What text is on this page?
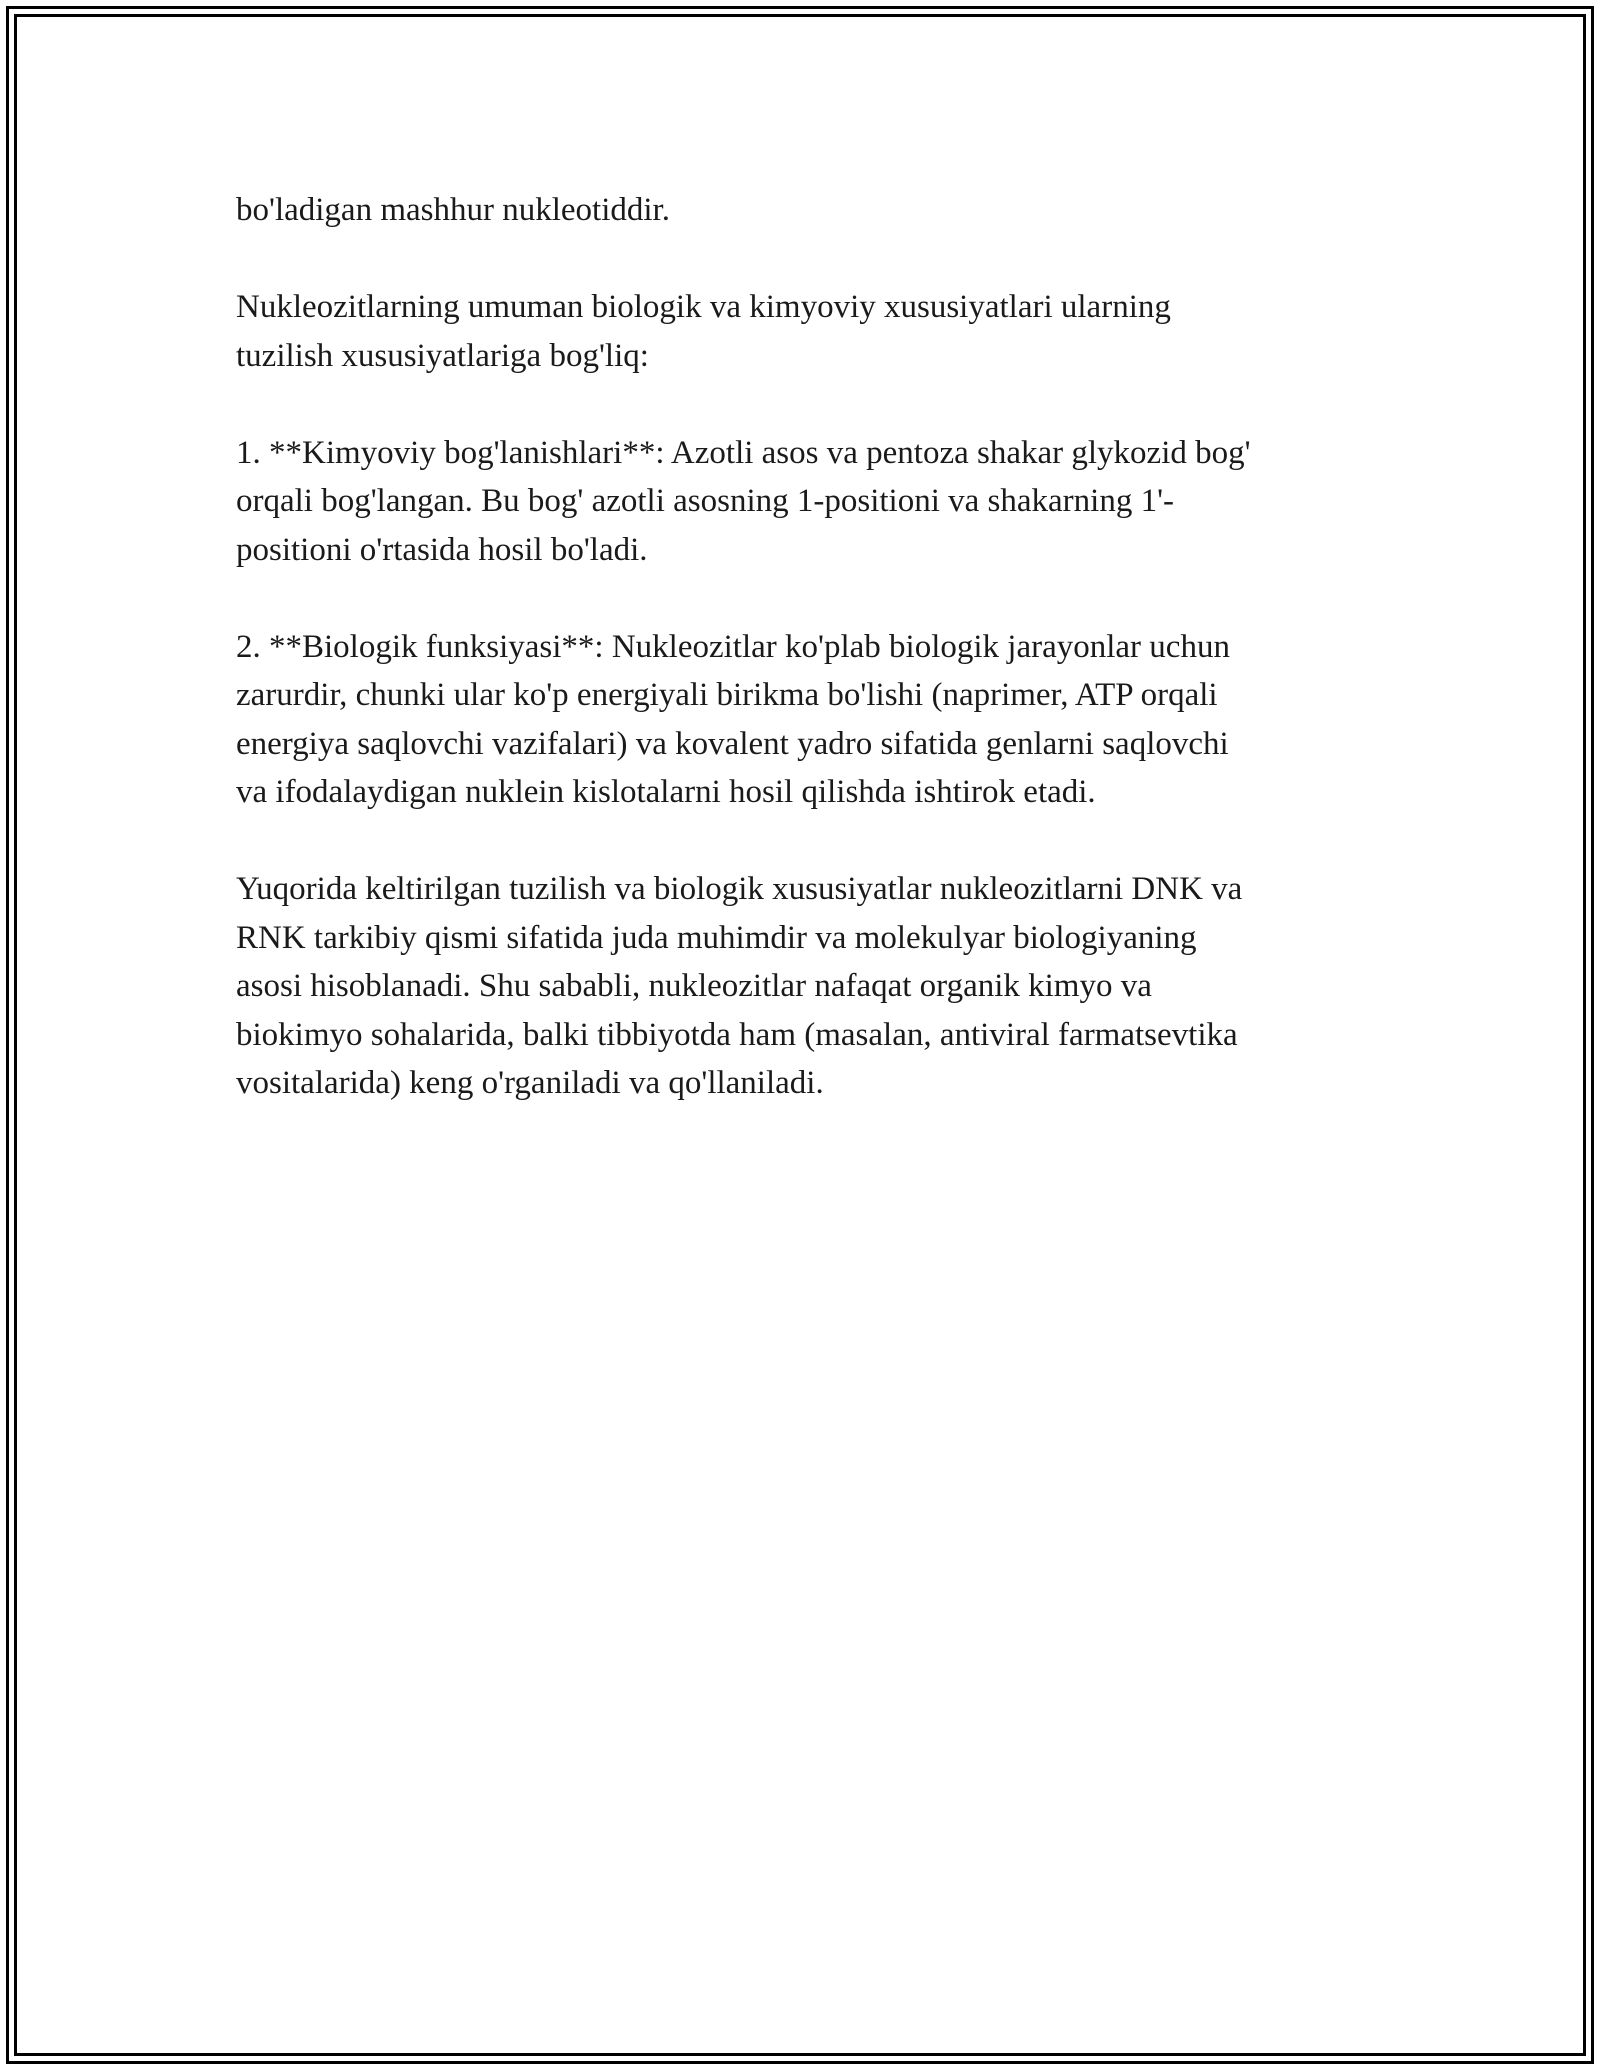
bo'ladigan mashhur nukleotiddir.

Nukleozitlarning umuman biologik va kimyoviy xususiyatlari ularning
tuzilish xususiyatlariga bog'liq:

1. **Kimyoviy bog'lanishlari**: Azotli asos va pentoza shakar glykozid bog'
orqali bog'langan. Bu bog' azotli asosning 1-positioni va shakarning 1'-
positioni o'rtasida hosil bo'ladi.

2. **Biologik funksiyasi**: Nukleozitlar ko'plab biologik jarayonlar uchun
zarurdir, chunki ular ko'p energiyali birikma bo'lishi (naprimer, ATP orqali
energiya saqlovchi vazifalari) va kovalent yadro sifatida genlarni saqlovchi
va ifodalaydigan nuklein kislotalarni hosil qilishda ishtirok etadi.

Yuqorida keltirilgan tuzilish va biologik xususiyatlar nukleozitlarni DNK va
RNK tarkibiy qismi sifatida juda muhimdir va molekulyar biologiyaning
asosi hisoblanadi. Shu sababli, nukleozitlar nafaqat organik kimyo va
biokimyo sohalarida, balki tibbiyotda ham (masalan, antiviral farmatsevtika
vositalarida) keng o'rganiladi va qo'llaniladi.
